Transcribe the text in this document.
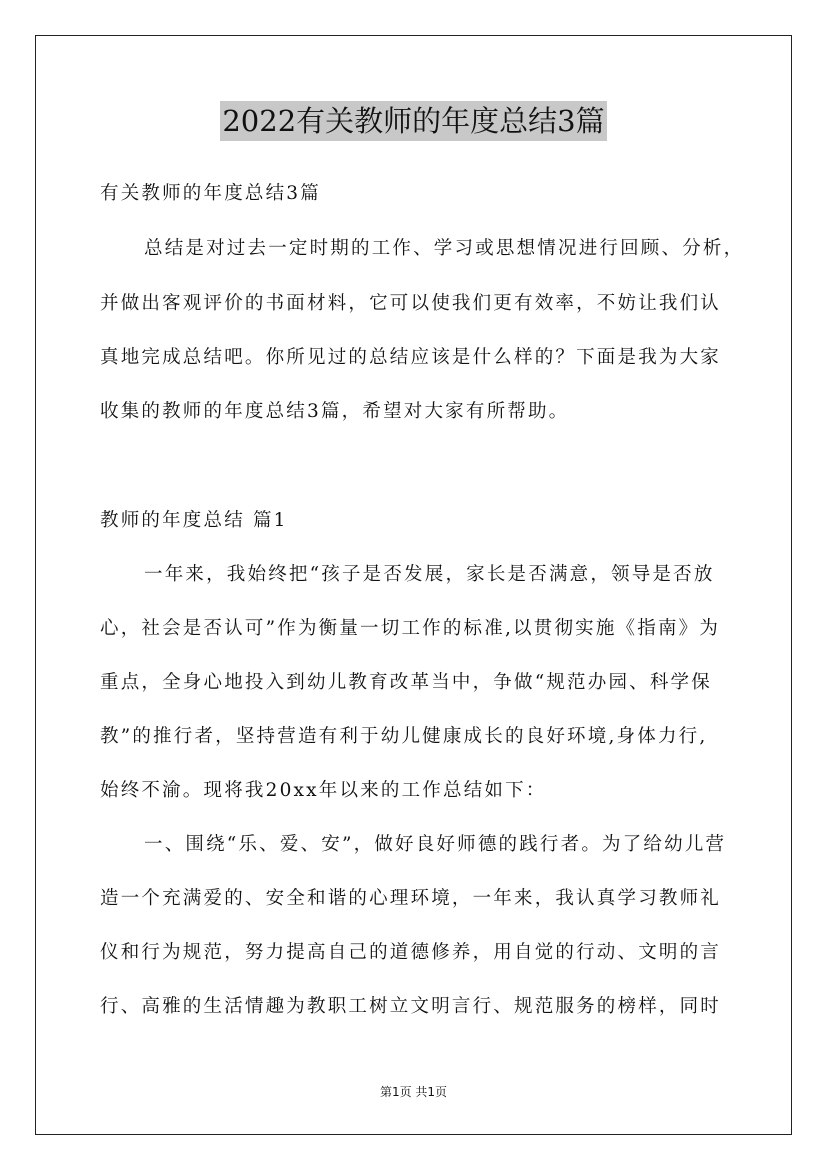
2022有关教师的年度总结3篇
有关教师的年度总结3篇
总结是对过去一定时期的工作、学习或思想情况进行回顾、分析，
并做出客观评价的书面材料，它可以使我们更有效率，不妨让我们认
真地完成总结吧。你所见过的总结应该是什么样的？下面是我为大家
收集的教师的年度总结3篇，希望对大家有所帮助。
教师的年度总结 篇1
一年来，我始终把“孩子是否发展，家长是否满意，领导是否放
心，社会是否认可”作为衡量一切工作的标准,以贯彻实施《指南》为
重点，全身心地投入到幼儿教育改革当中，争做“规范办园、科学保
教”的推行者，坚持营造有利于幼儿健康成长的良好环境,身体力行,
始终不渝。现将我20xx年以来的工作总结如下：
一、围绕“乐、爱、安”，做好良好师德的践行者。为了给幼儿营
造一个充满爱的、安全和谐的心理环境，一年来，我认真学习教师礼
仪和行为规范，努力提高自己的道德修养，用自觉的行动、文明的言
行、高雅的生活情趣为教职工树立文明言行、规范服务的榜样，同时
第1页 共1页
